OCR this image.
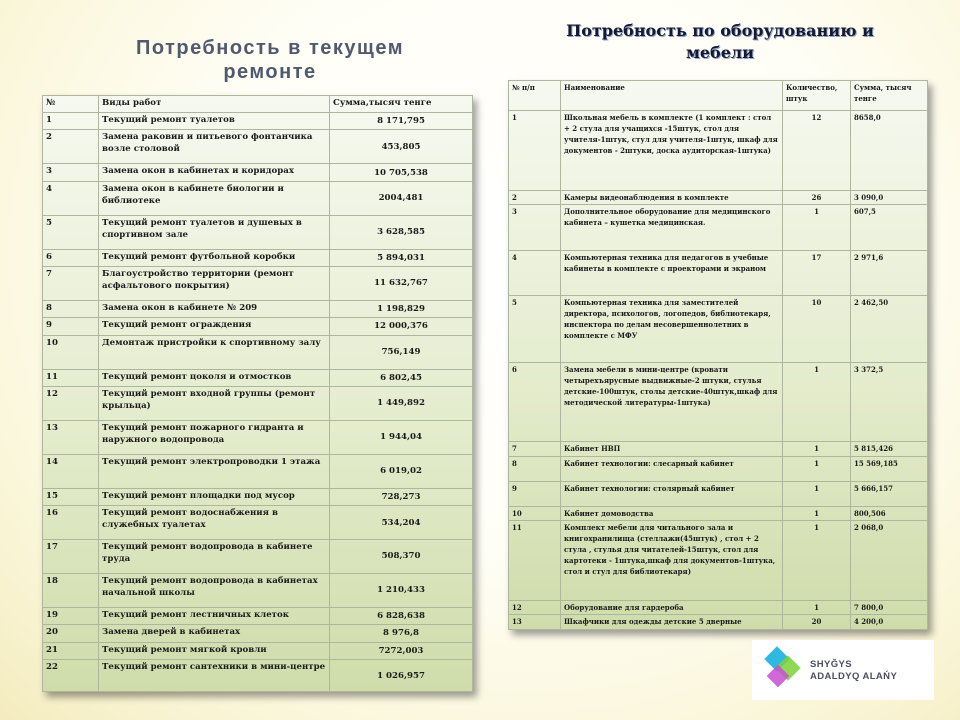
Потребность в текущем
ремонте
Потребность по оборудованию и
мебели
№	Виды работ	Сумма,тысяч тенге
1	Текущий ремонт туалетов	8 171,795
2	Замена раковин и питьевого фонтанчика возле столовой	453,805
3	Замена окон в кабинетах и коридорах	10 705,538
4	Замена окон в кабинете биологии и библиотеке	2004,481
5	Текущий ремонт туалетов и душевых в спортивном зале	3 628,585
6	Текущий ремонт футбольной коробки	5 894,031
7	Благоустройство территории (ремонт асфальтового покрытия)	11 632,767
8	Замена окон в кабинете № 209	1 198,829
9	Текущий ремонт ограждения	12 000,376
10	Демонтаж пристройки к спортивному залу	756,149
11	Текущий ремонт цоколя и отмостков	6 802,45
12	Текущий ремонт входной группы (ремонт крыльца)	1 449,892
13	Текущий ремонт пожарного гидранта и наружного водопровода	1 944,04
14	Текущий ремонт электропроводки 1 этажа	6 019,02
15	Текущий ремонт площадки под мусор	728,273
16	Текущий ремонт водоснабжения в служебных туалетах	534,204
17	Текущий ремонт водопровода в кабинете труда	508,370
18	Текущий ремонт водопровода в кабинетах начальной школы	1 210,433
19	Текущий ремонт лестничных клеток	6 828,638
20	Замена дверей в кабинетах	8 976,8
21	Текущий ремонт мягкой кровли	7272,003
22	Текущий ремонт сантехники в мини-центре	1 026,957
№ п/п	Наименование	Количество, штук	Сумма, тысяч тенге
1	Школьная мебель в комплекте (1 комплект : стол + 2 стула для учащихся -15штук, стол для учителя-1штук, стул для учителя-1штук, шкаф для документов - 2штуки, доска аудиторская-1штука)	12	8658,0
2	Камеры видеонаблюдения в комплекте	26	3 090,0
3	Дополнительное оборудование для медицинского кабинета – кушетка медицинская.	1	607,5
4	Компьютерная техника для педагогов в учебные кабинеты в комплекте с проекторами и экраном	17	2 971,6
5	Компьютерная техника для заместителей директора, психологов, логопедов, библиотекаря, инспектора по делам несовершеннолетних в комплекте с МФУ	10	2 462,50
6	Замена мебели в мини-центре (кровати четырехъярусные выдвижные-2 штуки, стулья детские-100штук, столы детские-40штук,шкаф для методической литературы-1штука)	1	3 372,5
7	Кабинет НВП	1	5 815,426
8	Кабинет технологии: слесарный кабинет	1	15 569,185
9	Кабинет технологии: столярный кабинет	1	5 666,157
10	Кабинет домоводства	1	800,506
11	Комплект мебели для читального зала и книгохранилища (стеллажи(45штук) , стол + 2 стула , стулья для читателей-15штук, стол для картотеки - 1штука,шкаф для документов-1штука, стол и стул для библиотекаря)	1	2 068,0
12	Оборудование для гардероба	1	7 800,0
13	Шкафчики для одежды детские 5 дверные	20	4 200,0
SHYĞYS
ADALDYQ ALAŃY
